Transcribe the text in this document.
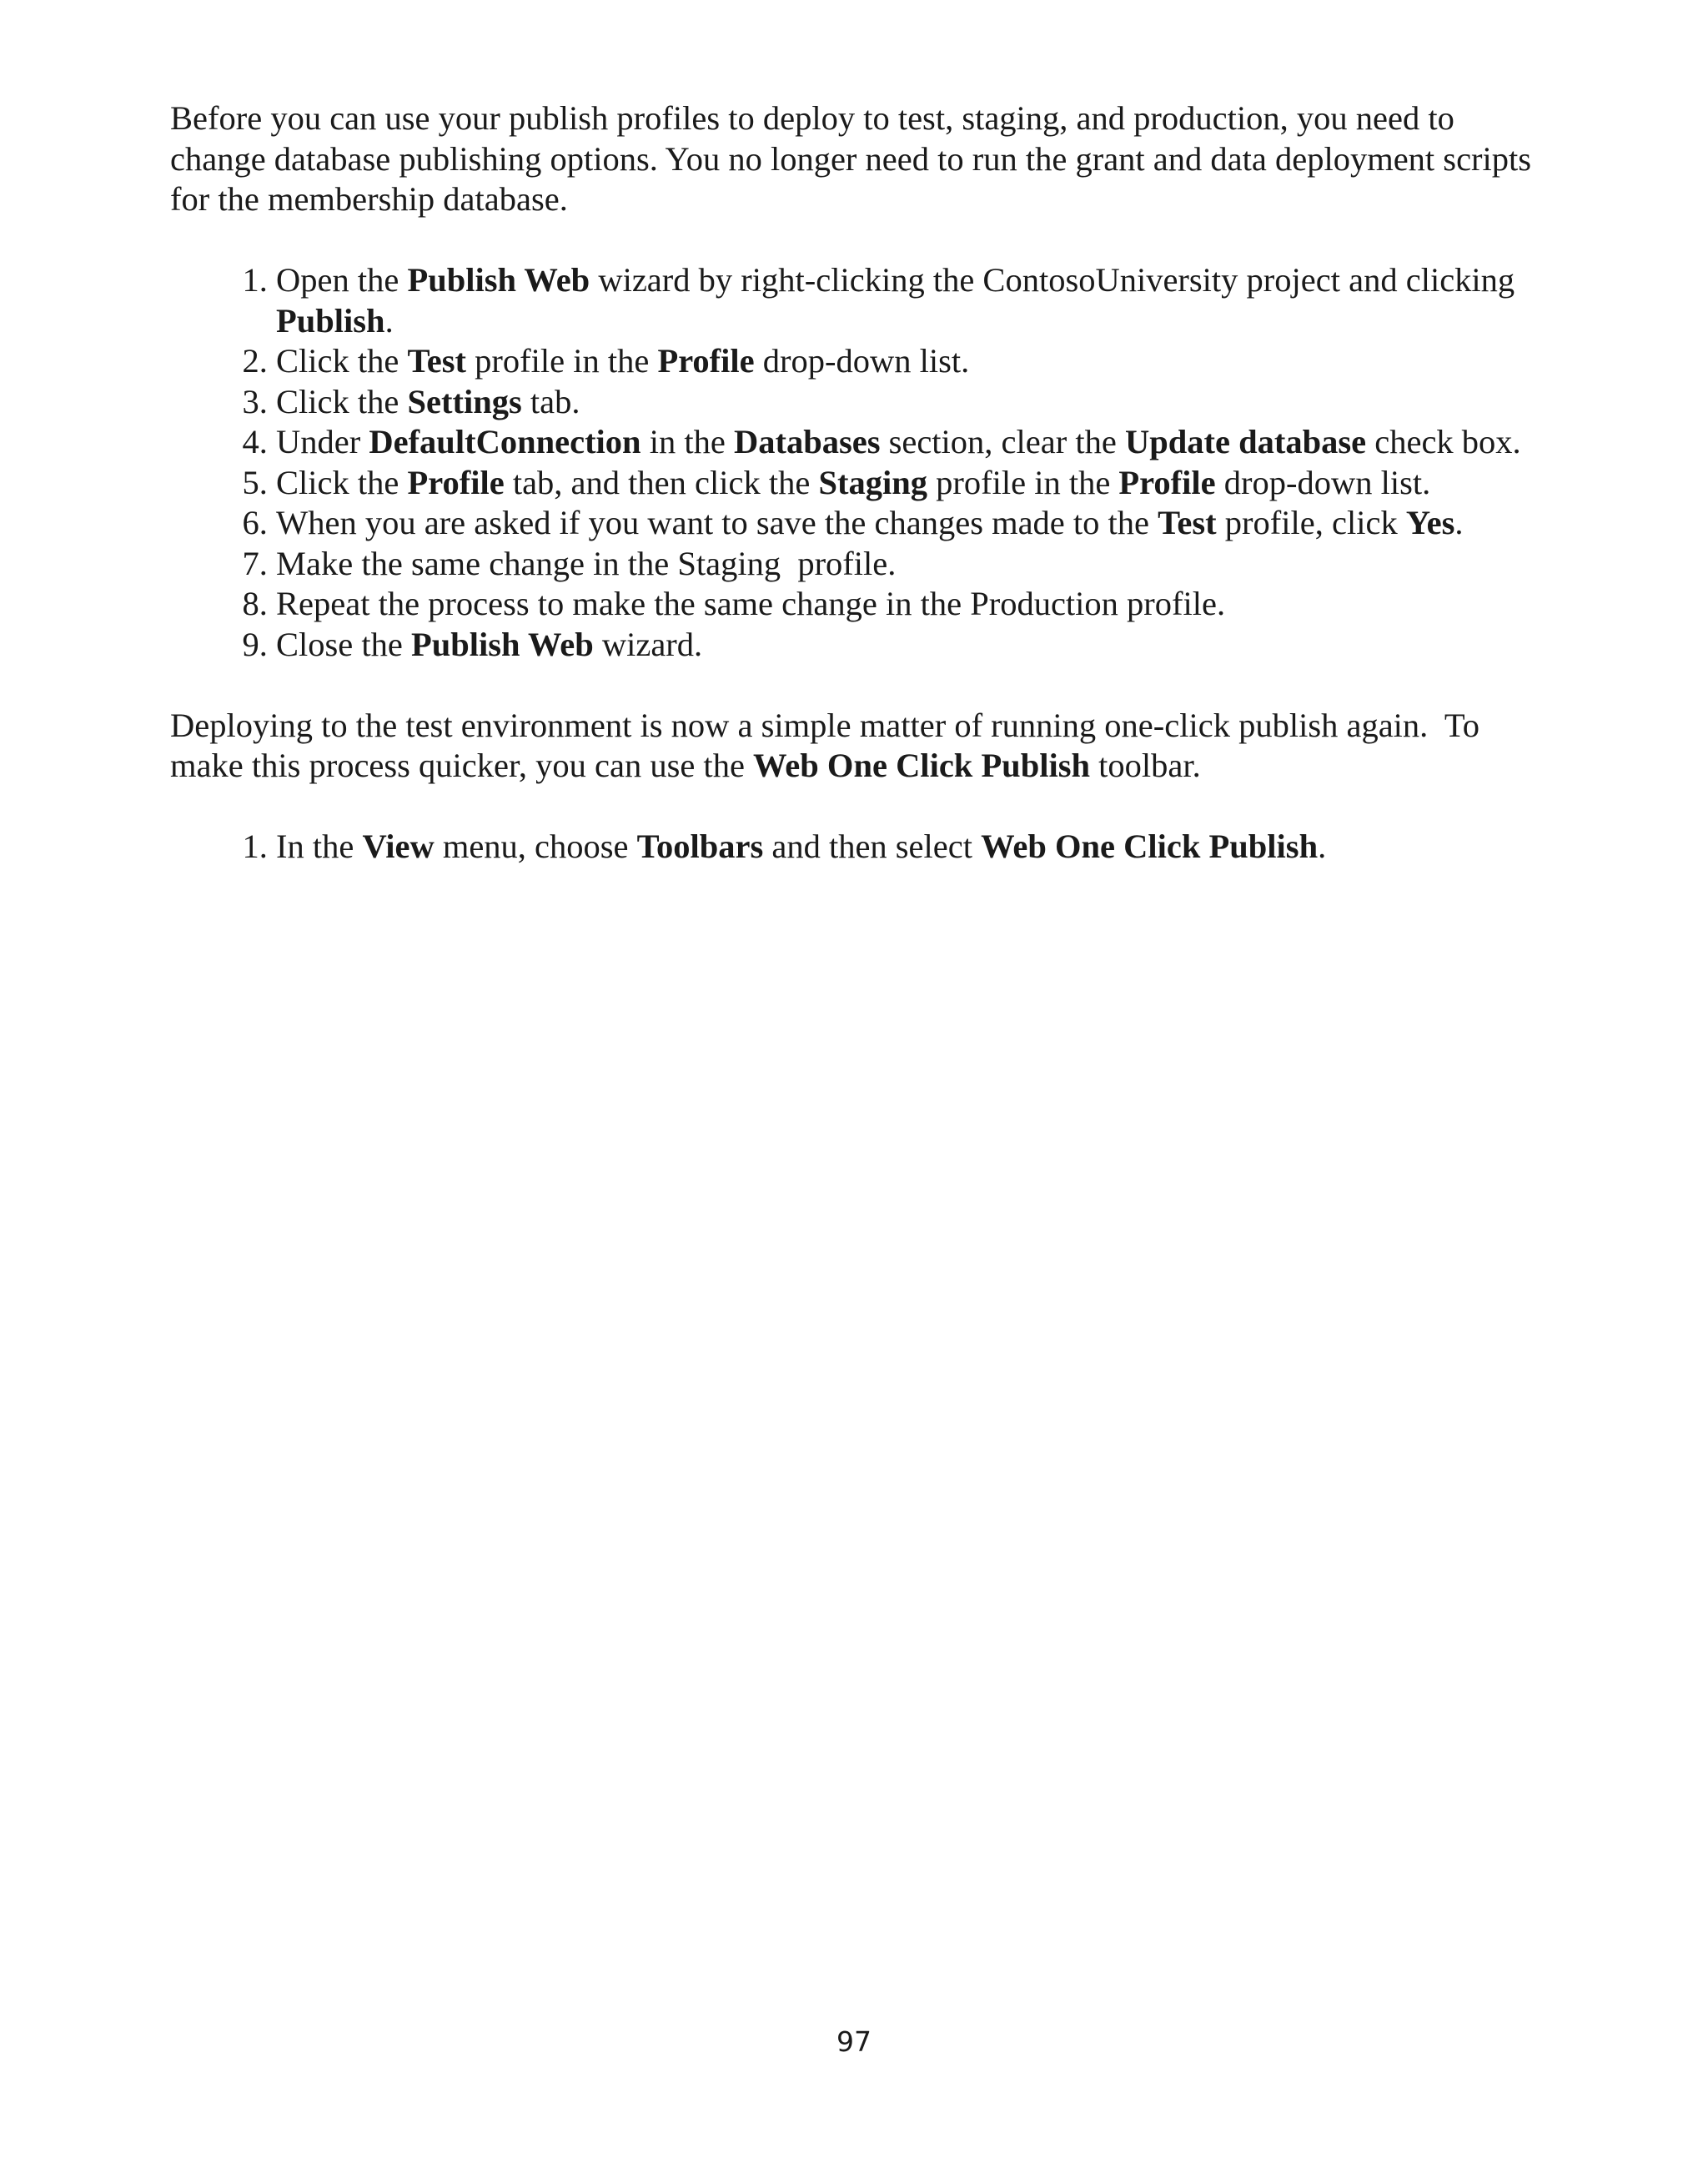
Before you can use your publish profiles to deploy to test, staging, and production, you need to change database publishing options. You no longer need to run the grant and data deployment scripts for the membership database.

1. Open the Publish Web wizard by right-clicking the ContosoUniversity project and clicking Publish.
2. Click the Test profile in the Profile drop-down list.
3. Click the Settings tab.
4. Under DefaultConnection in the Databases section, clear the Update database check box.
5. Click the Profile tab, and then click the Staging profile in the Profile drop-down list.
6. When you are asked if you want to save the changes made to the Test profile, click Yes.
7. Make the same change in the Staging  profile.
8. Repeat the process to make the same change in the Production profile.
9. Close the Publish Web wizard.

Deploying to the test environment is now a simple matter of running one-click publish again.  To make this process quicker, you can use the Web One Click Publish toolbar.

1. In the View menu, choose Toolbars and then select Web One Click Publish.
97
